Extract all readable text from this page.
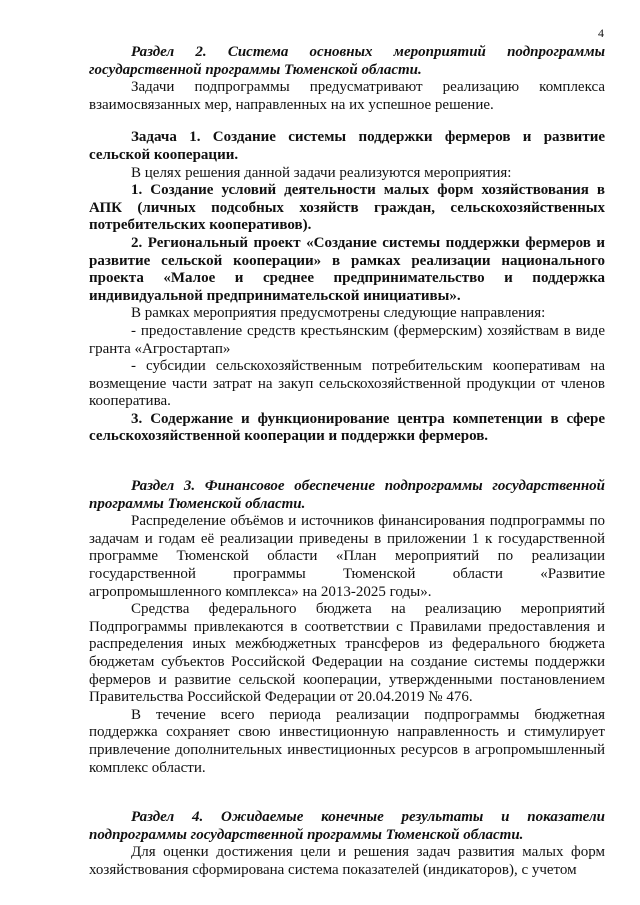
4

Раздел 2. Система основных мероприятий подпрограммы государственной программы Тюменской области.

Задачи подпрограммы предусматривают реализацию комплекса взаимосвязанных мер, направленных на их успешное решение.

Задача 1. Создание системы поддержки фермеров и развитие сельской кооперации.

В целях решения данной задачи реализуются мероприятия:

1. Создание условий деятельности малых форм хозяйствования в АПК (личных подсобных хозяйств граждан, сельскохозяйственных потребительских кооперативов).

2. Региональный проект «Создание системы поддержки фермеров и развитие сельской кооперации» в рамках реализации национального проекта «Малое и среднее предпринимательство и поддержка индивидуальной предпринимательской инициативы».

В рамках мероприятия предусмотрены следующие направления:

- предоставление средств крестьянским (фермерским) хозяйствам в виде гранта «Агростартап»

- субсидии сельскохозяйственным потребительским кооперативам на возмещение части затрат на закуп сельскохозяйственной продукции от членов кооператива.

3. Содержание и функционирование центра компетенции в сфере сельскохозяйственной кооперации и поддержки фермеров.

Раздел 3. Финансовое обеспечение подпрограммы государственной программы Тюменской области.

Распределение объёмов и источников финансирования подпрограммы по задачам и годам её реализации приведены в приложении 1 к государственной программе Тюменской области «План мероприятий по реализации государственной программы Тюменской области «Развитие агропромышленного комплекса» на 2013-2025 годы».

Средства федерального бюджета на реализацию мероприятий Подпрограммы привлекаются в соответствии с Правилами предоставления и распределения иных межбюджетных трансферов из федерального бюджета бюджетам субъектов Российской Федерации на создание системы поддержки фермеров и развитие сельской кооперации, утвержденными постановлением Правительства Российской Федерации от 20.04.2019 № 476.

В течение всего периода реализации подпрограммы бюджетная поддержка сохраняет свою инвестиционную направленность и стимулирует привлечение дополнительных инвестиционных ресурсов в агропромышленный комплекс области.

Раздел 4. Ожидаемые конечные результаты и показатели подпрограммы государственной программы Тюменской области.

Для оценки достижения цели и решения задач развития малых форм хозяйствования сформирована система показателей (индикаторов), с учетом
